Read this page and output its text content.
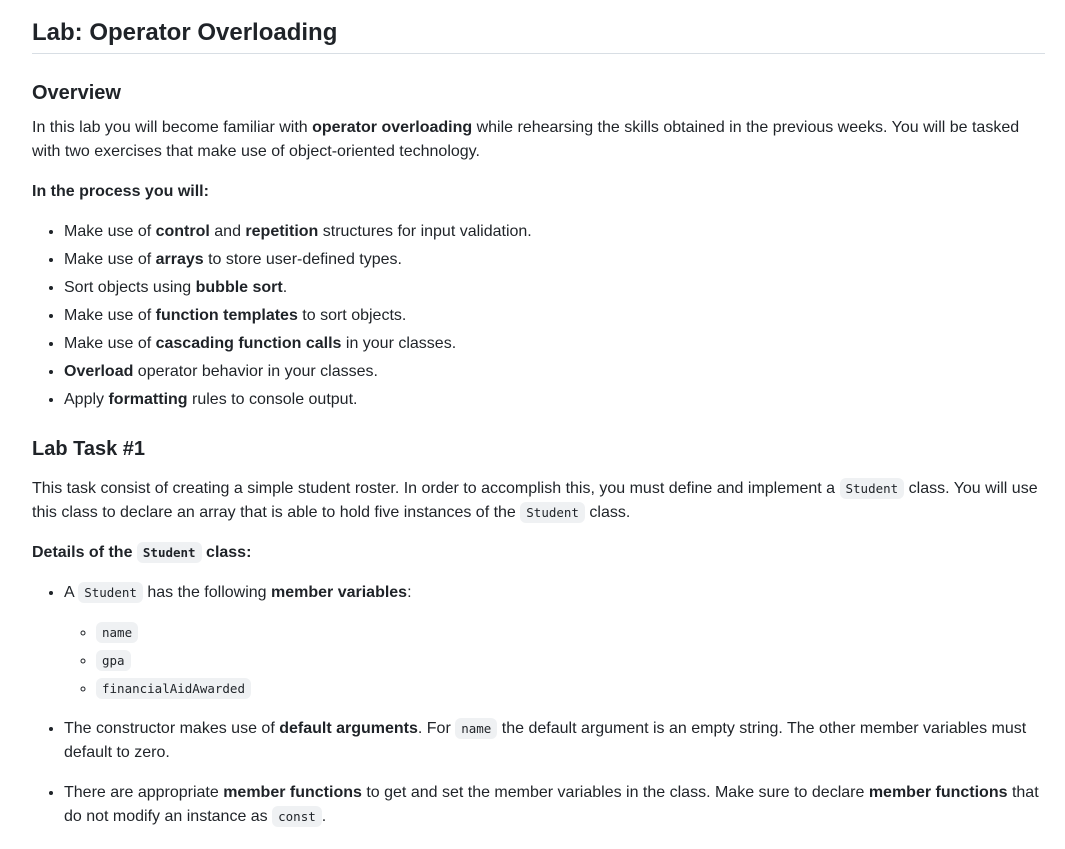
Lab: Operator Overloading
Overview

In this lab you will become familiar with operator overloading while rehearsing the skills obtained in the previous weeks. You will be tasked with two exercises that make use of object-oriented technology.

In the process you will:

• Make use of control and repetition structures for input validation.
• Make use of arrays to store user-defined types.
• Sort objects using bubble sort.
• Make use of function templates to sort objects.
• Make use of cascading function calls in your classes.
• Overload operator behavior in your classes.
• Apply formatting rules to console output.
Lab Task #1

This task consist of creating a simple student roster. In order to accomplish this, you must define and implement a Student class. You will use this class to declare an array that is able to hold five instances of the Student class.

Details of the Student class:

• A Student has the following member variables:
◦ name
◦ gpa
◦ financialAidAwarded
• The constructor makes use of default arguments. For name the default argument is an empty string. The other member variables must default to zero.
• There are appropriate member functions to get and set the member variables in the class. Make sure to declare member functions that do not modify an instance as const .
